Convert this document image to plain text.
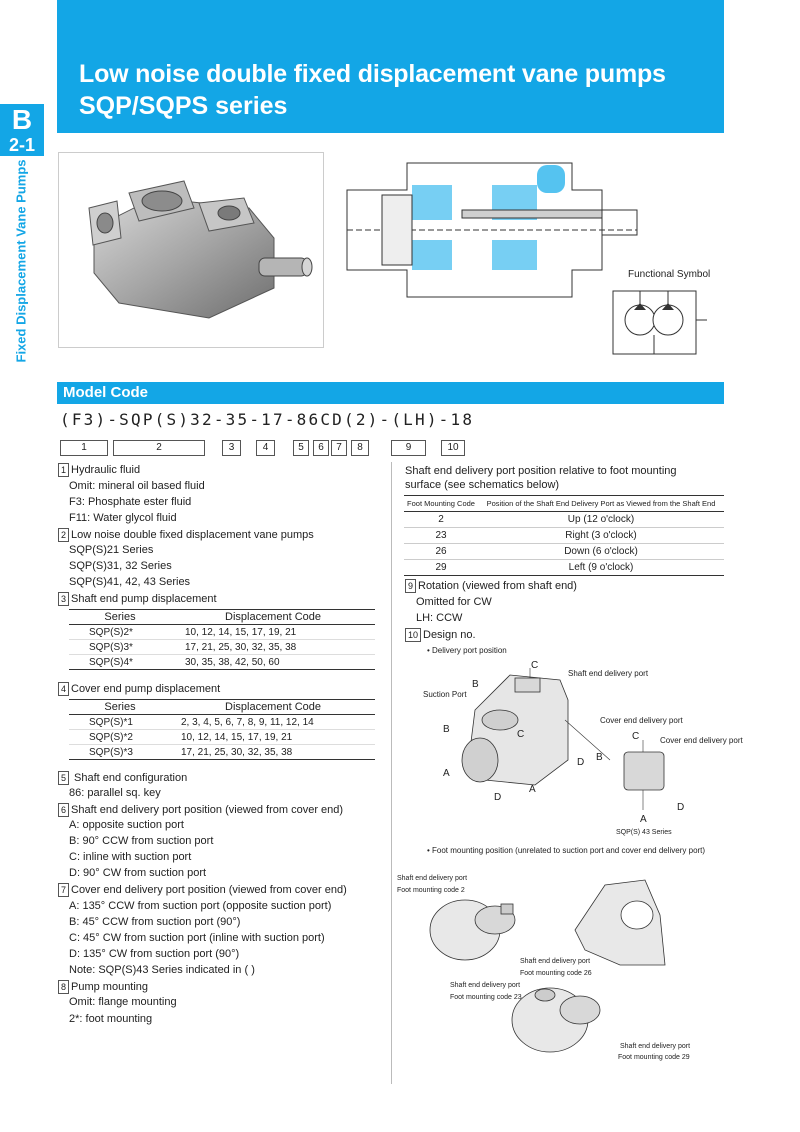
Low noise double fixed displacement vane pumps
SQP/SQPS series
B
2-1
Fixed Displacement Vane Pumps	Functional Symbol
Model Code
(F3)-SQP(S)32-35-17-86CD(2)-(LH)-18
1	2	3	4	5	6	7	8	9	10
1 Hydraulic fluid
Omit: mineral oil based fluid
F3: Phosphate ester fluid
F11: Water glycol fluid
2 Low noise double fixed displacement vane pumps
SQP(S)21 Series
SQP(S)31, 32 Series
SQP(S)41, 42, 43 Series
3 Shaft end pump displacement
Series	Displacement Code
SQP(S)2*	10, 12, 14, 15, 17, 19, 21
SQP(S)3*	17, 21, 25, 30, 32, 35, 38
SQP(S)4*	30, 35, 38, 42, 50, 60
4 Cover end pump displacement
Series	Displacement Code
SQP(S)*1	2, 3, 4, 5, 6, 7, 8, 9, 11, 12, 14
SQP(S)*2	10, 12, 14, 15, 17, 19, 21
SQP(S)*3	17, 21, 25, 30, 32, 35, 38
5 Shaft end configuration
86: parallel sq. key
6 Shaft end delivery port position (viewed from cover end)
A: opposite suction port
B: 90° CCW from suction port
C: inline with suction port
D: 90° CW from suction port
7 Cover end delivery port position (viewed from cover end)
A: 135° CCW from suction port (opposite suction port)
B: 45° CCW from suction port (90°)
C: 45° CW from suction port (inline with suction port)
D: 135° CW from suction port (90°)
Note: SQP(S)43 Series indicated in ( )
8 Pump mounting
Omit: flange mounting
2*: foot mounting
Shaft end delivery port position relative to foot mounting surface (see schematics below)
Foot Mounting Code	Position of the Shaft End Delivery Port as Viewed from the Shaft End
2	Up (12 o'clock)
23	Right (3 o'clock)
26	Down (6 o'clock)
29	Left (9 o'clock)
9 Rotation (viewed from shaft end)
Omitted for CW
LH: CCW
10 Design no.
• Delivery port position
C
Shaft end delivery port
B
Suction Port
Cover end delivery port
B	C	C	Cover end delivery port
B
D
A
A
D
D
A
SQP(S) 43 Series
• Foot mounting position (unrelated to suction port and cover end delivery port)
Shaft end delivery port
Foot mounting code 2
Shaft end delivery port
Foot mounting code 26
Shaft end delivery port
Foot mounting code 23
Shaft end delivery port
Foot mounting code 29
